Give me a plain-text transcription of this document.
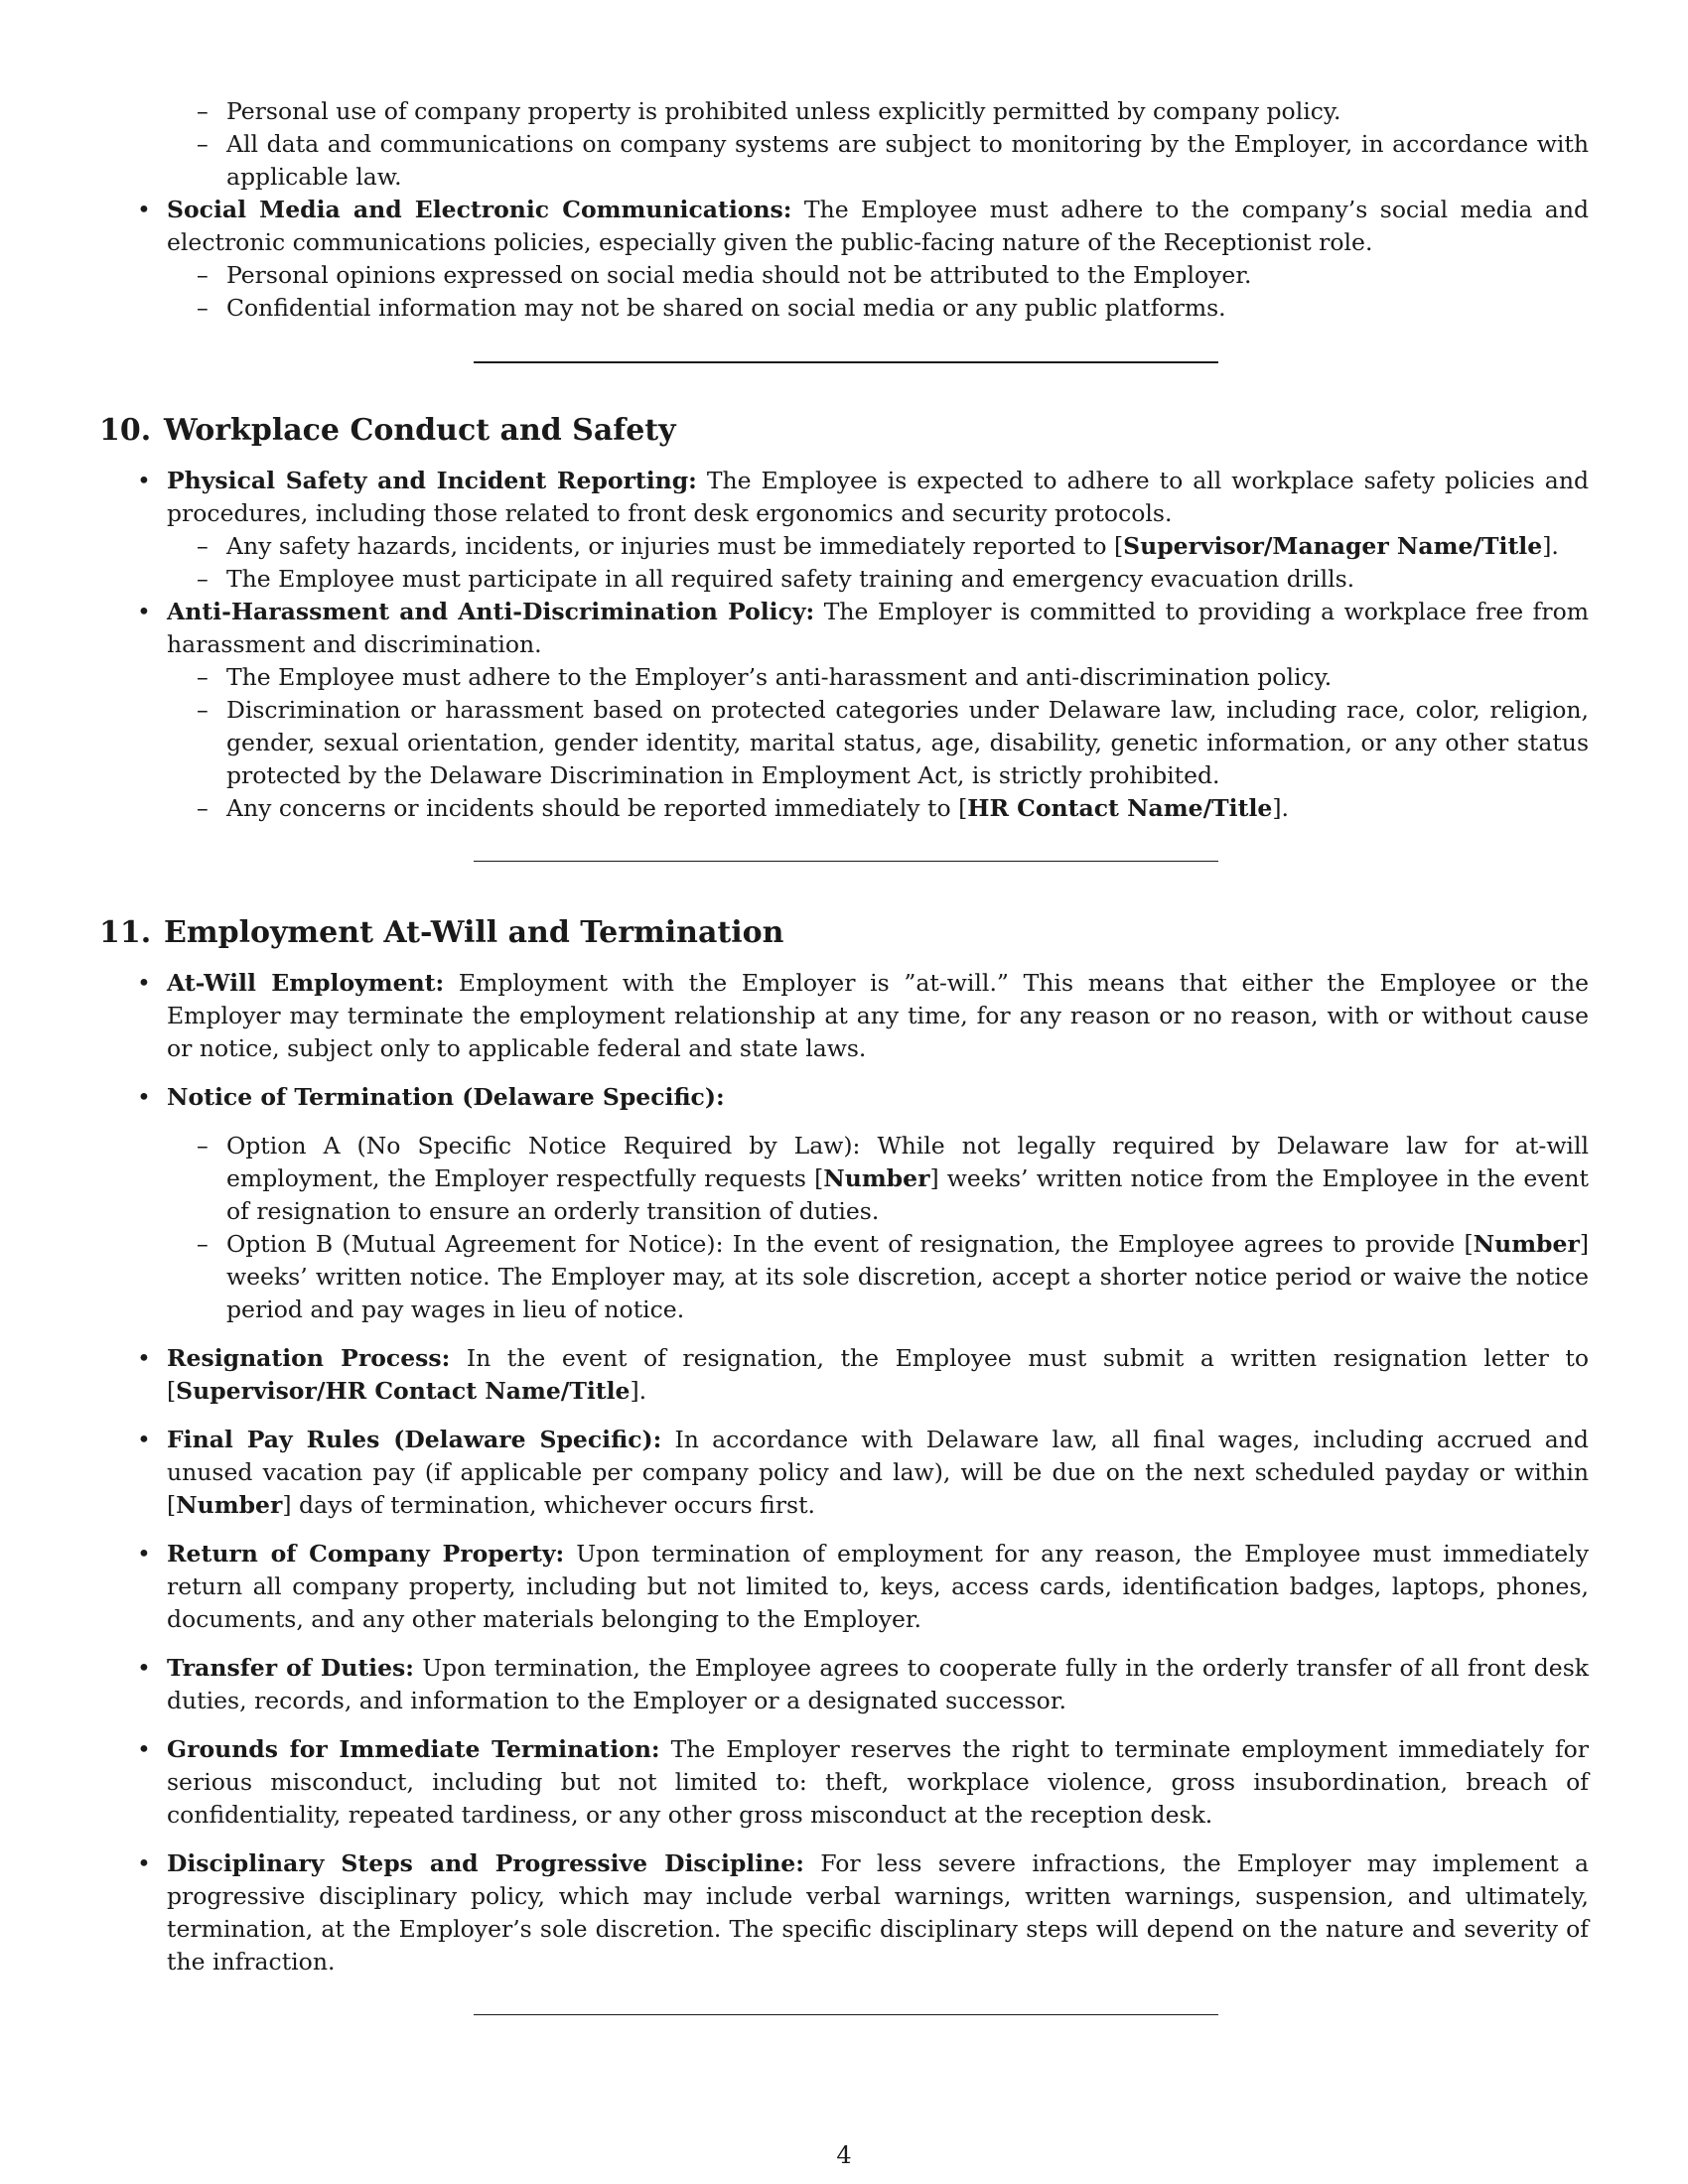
– Personal use of company property is prohibited unless explicitly permitted by company policy.

– All data and communications on company systems are subject to monitoring by the Employer, in accordance with applicable law.

• Social Media and Electronic Communications: The Employee must adhere to the company’s social media and electronic communications policies, especially given the public-facing nature of the Receptionist role.

– Personal opinions expressed on social media should not be attributed to the Employer.

– Confidential information may not be shared on social media or any public platforms.

10. Workplace Conduct and Safety

• Physical Safety and Incident Reporting: The Employee is expected to adhere to all workplace safety policies and procedures, including those related to front desk ergonomics and security protocols.

– Any safety hazards, incidents, or injuries must be immediately reported to [Supervisor/Manager Name/Title].

– The Employee must participate in all required safety training and emergency evacuation drills.

• Anti-Harassment and Anti-Discrimination Policy: The Employer is committed to providing a workplace free from harassment and discrimination.

– The Employee must adhere to the Employer’s anti-harassment and anti-discrimination policy.

– Discrimination or harassment based on protected categories under Delaware law, including race, color, religion, gender, sexual orientation, gender identity, marital status, age, disability, genetic information, or any other status protected by the Delaware Discrimination in Employment Act, is strictly prohibited.

– Any concerns or incidents should be reported immediately to [HR Contact Name/Title].

11. Employment At-Will and Termination

• At-Will Employment: Employment with the Employer is ”at-will.” This means that either the Employee or the Employer may terminate the employment relationship at any time, for any reason or no reason, with or without cause or notice, subject only to applicable federal and state laws.

• Notice of Termination (Delaware Specific):

– Option A (No Specific Notice Required by Law): While not legally required by Delaware law for at-will employment, the Employer respectfully requests [Number] weeks’ written notice from the Employee in the event of resignation to ensure an orderly transition of duties.

– Option B (Mutual Agreement for Notice): In the event of resignation, the Employee agrees to provide [Number] weeks’ written notice. The Employer may, at its sole discretion, accept a shorter notice period or waive the notice period and pay wages in lieu of notice.

• Resignation Process: In the event of resignation, the Employee must submit a written resignation letter to [Supervisor/HR Contact Name/Title].

• Final Pay Rules (Delaware Specific): In accordance with Delaware law, all final wages, including accrued and unused vacation pay (if applicable per company policy and law), will be due on the next scheduled payday or within [Number] days of termination, whichever occurs first.

• Return of Company Property: Upon termination of employment for any reason, the Employee must immediately return all company property, including but not limited to, keys, access cards, identification badges, laptops, phones, documents, and any other materials belonging to the Employer.

• Transfer of Duties: Upon termination, the Employee agrees to cooperate fully in the orderly transfer of all front desk duties, records, and information to the Employer or a designated successor.

• Grounds for Immediate Termination: The Employer reserves the right to terminate employment immediately for serious misconduct, including but not limited to: theft, workplace violence, gross insubordination, breach of confidentiality, repeated tardiness, or any other gross misconduct at the reception desk.

• Disciplinary Steps and Progressive Discipline: For less severe infractions, the Employer may implement a progressive disciplinary policy, which may include verbal warnings, written warnings, suspension, and ultimately, termination, at the Employer’s sole discretion. The specific disciplinary steps will depend on the nature and severity of the infraction.

4
